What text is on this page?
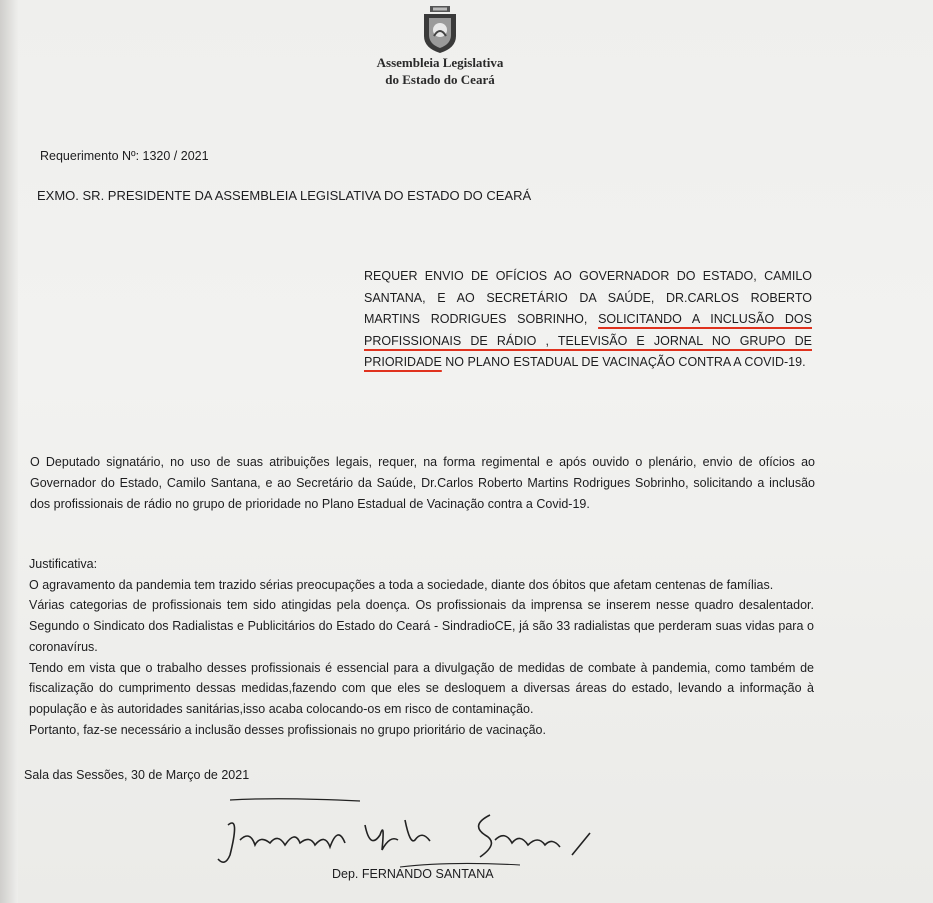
Assembleia Legislativa
do Estado do Ceará

Requerimento Nº: 1320 / 2021

EXMO. SR. PRESIDENTE DA ASSEMBLEIA LEGISLATIVA DO ESTADO DO CEARÁ

REQUER ENVIO DE OFÍCIOS AO GOVERNADOR DO ESTADO, CAMILO SANTANA, E AO SECRETÁRIO DA SAÚDE, DR.CARLOS ROBERTO MARTINS RODRIGUES SOBRINHO, SOLICITANDO A INCLUSÃO DOS PROFISSIONAIS DE RÁDIO , TELEVISÃO E JORNAL NO GRUPO DE PRIORIDADE NO PLANO ESTADUAL DE VACINAÇÃO CONTRA A COVID-19.
O Deputado signatário, no uso de suas atribuições legais, requer, na forma regimental e após ouvido o plenário, envio de ofícios ao Governador do Estado, Camilo Santana, e ao Secretário da Saúde, Dr.Carlos Roberto Martins Rodrigues Sobrinho, solicitando a inclusão dos profissionais de rádio no grupo de prioridade no Plano Estadual de Vacinação contra a Covid-19.

Justificativa:

O agravamento da pandemia tem trazido sérias preocupações a toda a sociedade, diante dos óbitos que afetam centenas de famílias.

Várias categorias de profissionais tem sido atingidas pela doença. Os profissionais da imprensa se inserem nesse quadro desalentador. Segundo o Sindicato dos Radialistas e Publicitários do Estado do Ceará - SindradioCE, já são 33 radialistas que perderam suas vidas para o coronavírus.

Tendo em vista que o trabalho desses profissionais é essencial para a divulgação de medidas de combate à pandemia, como também de fiscalização do cumprimento dessas medidas,fazendo com que eles se desloquem a diversas áreas do estado, levando a informação à população e às autoridades sanitárias,isso acaba colocando-os em risco de contaminação.

Portanto, faz-se necessário a inclusão desses profissionais no grupo prioritário de vacinação.

Sala das Sessões, 30 de Março de 2021

Dep. FERNANDO SANTANA
